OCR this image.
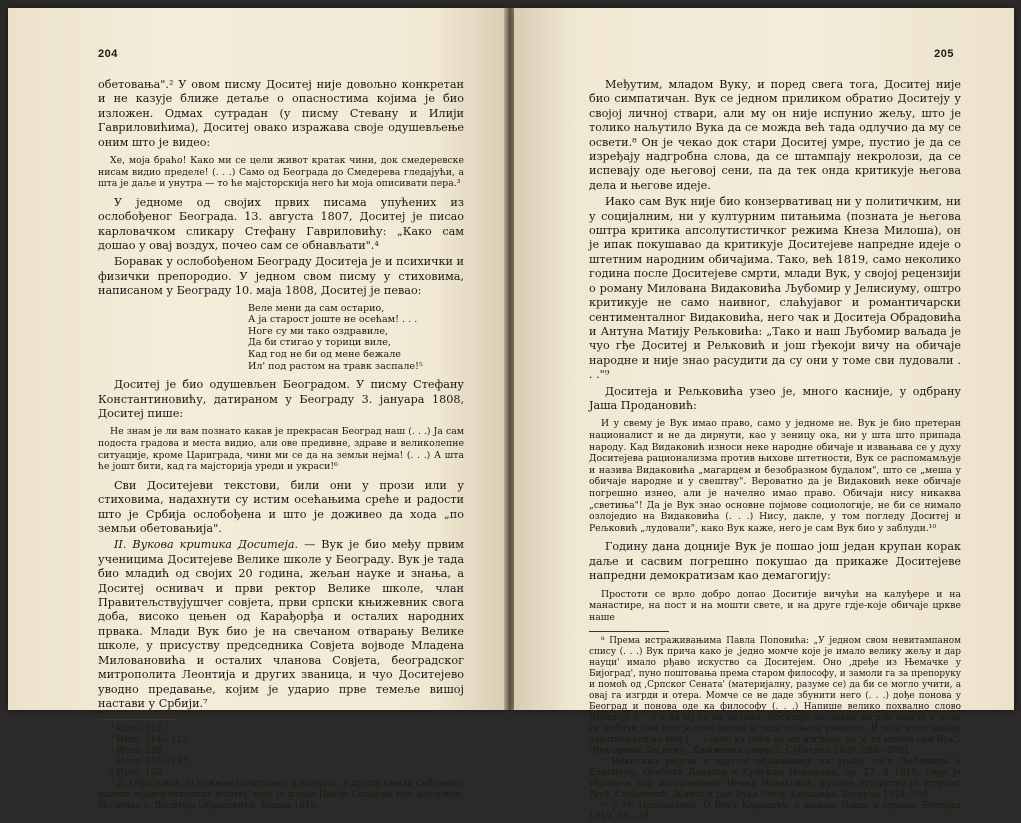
204

обетовања".² У овом писму Доситеј није довољно конкретан и не казује ближе детаље о опасностима којима је био изложен. Одмах сутрадан (у писму Стевану и Илији Гавриловићима), Доситеј овако изражава своје одушевљење оним што је видео:

Хе, моја браћо! Како ми се цели живот кратак чини, док смедеревске нисам видио пределе! (. . .) Само од Београда до Смедерева гледајући, а шта је даље и унутра — то ће мајсторскија него ћи моја описивати пера.³

У једноме од својих првих писама упућених из ослобођеног Београда. 13. августа 1807, Доситеј је писао карловачком сликару Стефану Гавриловићу: „Како сам дошао у овај воздух, почео сам се обнављати".⁴

Боравак у ослобођеном Београду Доситеја је и психички и физички препородио. У једном свом писму у стиховима, написаном у Београду 10. маја 1808, Доситеј је певао:

Веле мени да сам остарио,
А ја старост јоште не осећам! . . .
Ноге су ми тако оздравиле,
Да би стигао у торици виле,
Кад год не би од мене бежале
Ил' под растом на травк заспале!⁵

Доситеј је био одушевљен Београдом. У писму Стефану Константиновићу, датираном у Београду 3. јануара 1808, Доситеј пише:

Не знам је ли вам познато какав је прекрасан Београд наш (. . .) Ја сам подоста градова и места видио, али ове предивне, здраве и великолепне ситуације, кроме Цариграда, чини ми се да на земљи нејма! (. . .) А шта ће јошт бити, кад га мајсторија уреди и украси!⁶

Сви Доситејеви текстови, били они у прози или у стиховима, надахнути су истим осећањима среће и радости што је Србија ослобођена и што је доживео да хода „по земљи обетовањија".

II. Вукова критика Доситеја. — Вук је био међу првим ученицима Доситејеве Велике школе у Београду. Вук је тада био младић од својих 20 година, жељан науке и знања, а Доситеј оснивач и први ректор Велике школе, члан Правитељствујушчег совјета, први српски књижевник свога доба, високо цењен од Карађорђа и осталих народних првака. Млади Вук био је на свечаном отварању Велике школе, у присуству председника Совјета војводе Младена Миловановића и осталих чланова Совјета, београдског митрополита Леонтија и других званица, и чуо Доситејево уводно предавање, којим је ударио прве темеље вишој настави у Србији.⁷

² Исто, 112.

³ Исто, 114—115.

⁴ Исто, 126.

⁵ Исто, 146—147.

⁶ Исто, 192.

⁷ Д. Обрадовић, О дужном почитанију к наукам', у другој књизи Собранија разних нравоучителних вештеј, коју је издао Павле Соларић под насловом: Мезимац г. Доситеја Обрадовића, Будим 1818.

205

Међутим, младом Вуку, и поред свега тога, Доситеј није био симпатичан. Вук се једном приликом обратио Доситеју у својој личној ствари, али му он није испунио жељу, што је толико наљутило Вука да се можда већ тада одлучио да му се освети.⁸ Он је чекао док стари Доситеј умре, пустио је да се изређају надгробна слова, да се штампају некролози, да се испевају оде његовој сени, па да тек онда критикује његова дела и његове идеје.

Иако сам Вук није био конзервативац ни у политичким, ни у социјалним, ни у културним питањима (позната је његова оштра критика апсолутистичког режима Кнеза Милоша), он је ипак покушавао да критикује Доситејеве напредне идеје о штетним народним обичајима. Тако, већ 1819, само неколико година после Доситејеве смрти, млади Вук, у својој рецензији о роману Милована Видаковића Љубомир у Јелисиуму, оштро критикује не само наивног, слаћујавог и романтичарски сентименталног Видаковића, него чак и Доситеја Обрадовића и Антуна Матију Рељковића: „Тако и наш Љубомир ваљада је чуо гђе Доситеј и Рељковић и још гђекоји вичу на обичаје народне и није знао расудити да су они у томе сви лудовали . . ."⁹

Доситеја и Рељковића узео је, много касније, у одбрану Јаша Продановић:

И у свему је Вук имао право, само у једноме не. Вук је био претеран националист и не да дирнути, као у зеницу ока, ни у шта што припада народу. Кад Видаковић износи неке народне обичаје и извањава се у духу Доситејева рационализма против њихове штетности, Вук се распомамљује и назива Видаковића „магарцем и безобразном будалом", што се „меша у обичаје народне и у свештву". Вероватно да је Видаковић неке обичаје погрешно изнео, али је начелно имао право. Обичаји нису никаква „светиња"! Да је Вук знао основне појмове социологије, не би се нимало озлоједио на Видаковића (. . .) Нису, дакле, у том погледу Доситеј и Рељковић „лудовали", како Вук каже, него је сам Вук био у заблуди.¹⁰

Годину дана доцније Вук је пошао још један крупан корак даље и сасвим погрешно покушао да прикаже Доситејеве напредни демократизам као демагогију:

Простоти се врло добро допао Доситије вичући на калуђере и на манастире, на пост и на мошти свете, и на друге гдје-које обичаје црквe наше

⁸ Према истраживањима Павла Поповића: „У једном свом невитампаном спису (. . .) Вук прича како је ,једно момче које је имало велику жељу и дар науци' имало рђаво искуство са Доситејем. Оно ,дређе из Њемачке у Бијоград', пуно поштовања према старом философу, и замоли га за препоруку и помоћ од ,Српског Сената' (материјалну, разуме се) да би се могло учити, а овај га изгрди и отера. Момче се не даде збунити него (. . .) дође понова у Београд и понова оде ка философу (. . .) Напише велико похвално слово Доситеју (. . .) и да му га на читање. Доситије поласкан загрли момче и поче га љубити, све што је хтео могао је тада од њега учинити. И то је хтео засаду заустављати на том (. . .) само ку рећи да ми изгледа, да је то момче сам Вук". (Вук према Доситију, Књижевни север 2, Суботица 1926, 286—288).

⁹ Неколико ријечи о другом објављенију на трећу част Љубомира у Елисиуму, Особити Додатак к Србским Новинама, бр. 27. Х 1819. Оврт је објављен под псеудонимом Ненад Новаковић. Вуково ауторство је утврдио Љуб. Стојановић, Живот и рад Вука Стеф. Караџића, Београд 1924, 760.

¹⁰ J. М. Продановић, О Вуку Караџићу, у књизи: Наши и страни, Београд 1949, 38—39.
